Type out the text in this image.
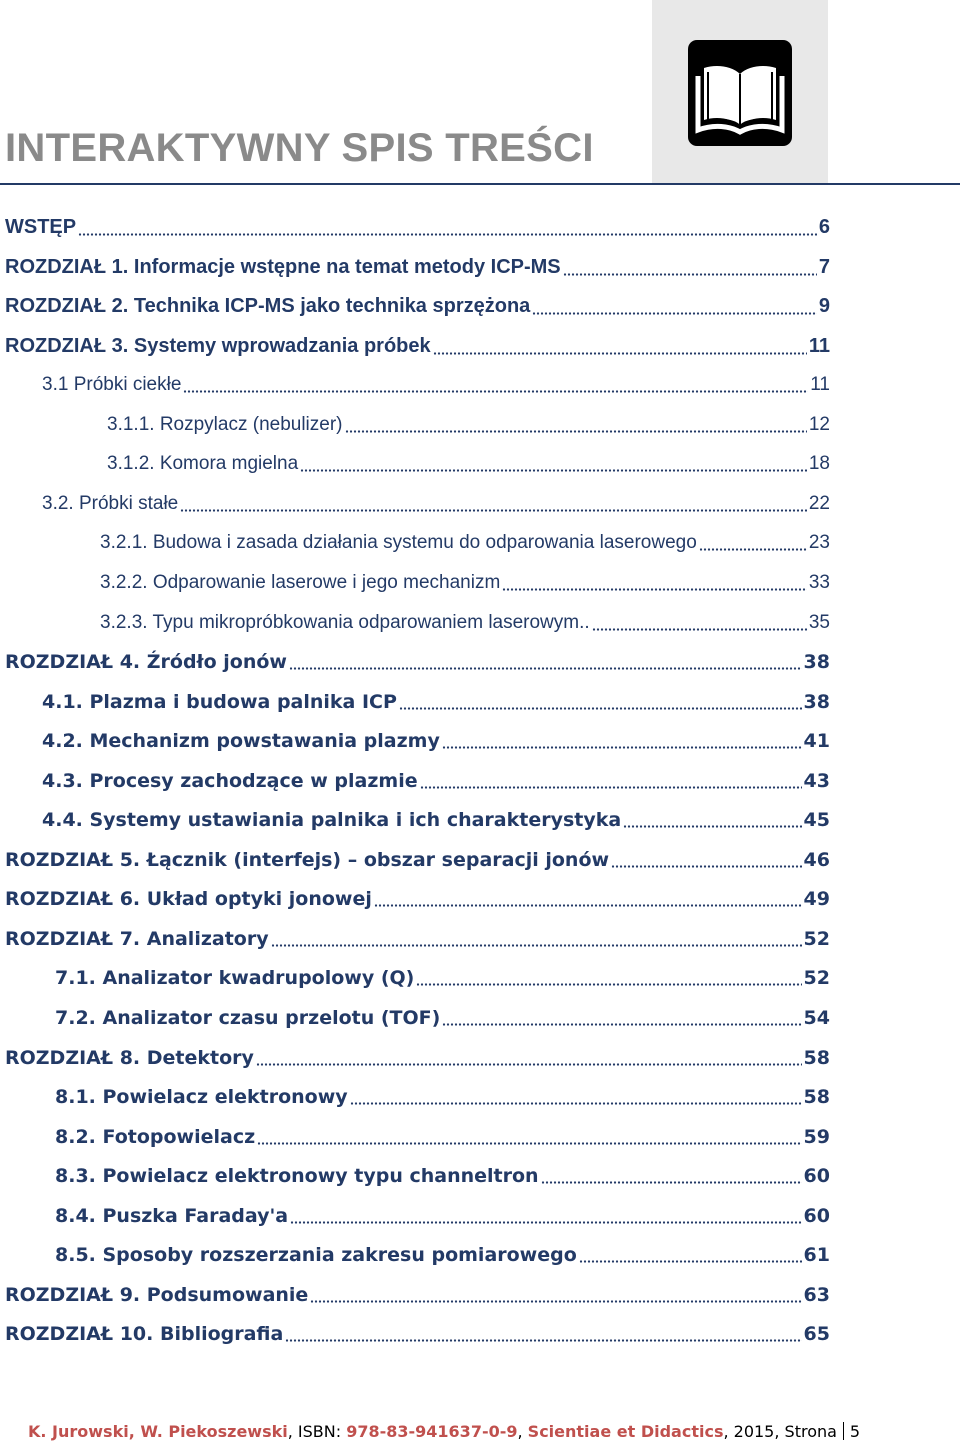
INTERAKTYWNY SPIS TREŚCI
WSTĘP	6
ROZDZIAŁ 1. Informacje wstępne na temat metody ICP-MS	7
ROZDZIAŁ 2. Technika ICP-MS jako technika sprzężona	9
ROZDZIAŁ 3. Systemy wprowadzania próbek	11
3.1 Próbki ciekłe	11
3.1.1. Rozpylacz (nebulizer)	12
3.1.2. Komora mgielna	18
3.2. Próbki stałe	22
3.2.1. Budowa i zasada działania systemu do odparowania laserowego	23
3.2.2. Odparowanie laserowe i jego mechanizm	33
3.2.3. Typu mikropróbkowania odparowaniem laserowym..	35
ROZDZIAŁ 4. Źródło jonów	38
4.1. Plazma i budowa palnika ICP	38
4.2. Mechanizm powstawania plazmy	41
4.3. Procesy zachodzące w plazmie	43
4.4. Systemy ustawiania palnika i ich charakterystyka	45
ROZDZIAŁ 5. Łącznik (interfejs) – obszar separacji jonów	46
ROZDZIAŁ 6. Układ optyki jonowej	49
ROZDZIAŁ 7. Analizatory	52
7.1. Analizator kwadrupolowy (Q)	52
7.2. Analizator czasu przelotu (TOF)	54
ROZDZIAŁ 8. Detektory	58
8.1. Powielacz elektronowy	58
8.2. Fotopowielacz	59
8.3. Powielacz elektronowy typu channeltron	60
8.4. Puszka Faraday'a	60
8.5. Sposoby rozszerzania zakresu pomiarowego	61
ROZDZIAŁ 9. Podsumowanie	63
ROZDZIAŁ 10. Bibliografia	65
K. Jurowski, W. Piekoszewski, ISBN: 978-83-941637-0-9, Scientiae et Didactics, 2015, Strona 5
